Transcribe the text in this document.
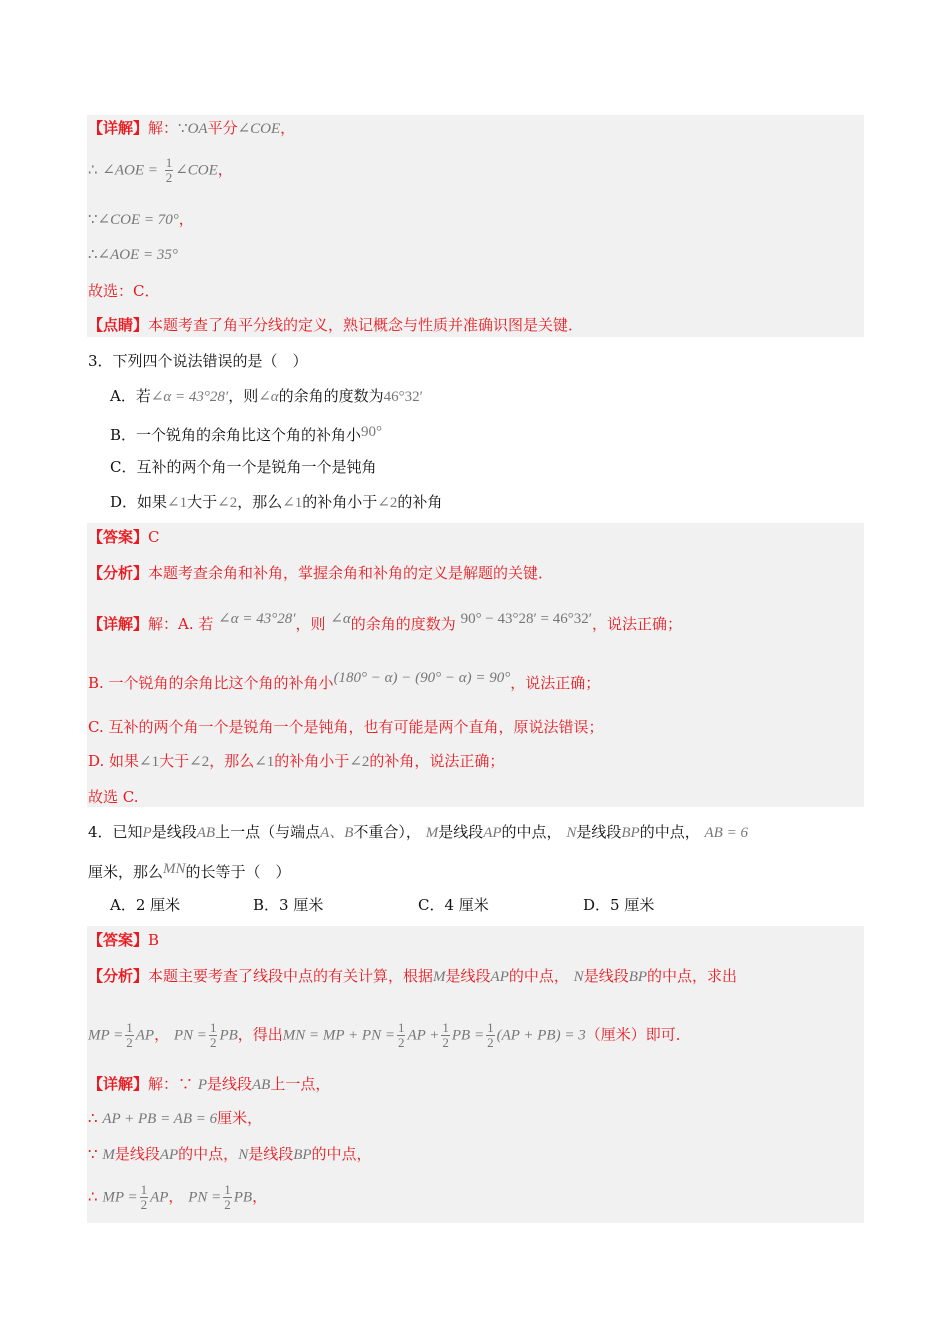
【详解】解：∵OA平分∠COE，
∴ ∠AOE = $\frac{1}{2}$ ∠COE，
∵∠COE = 70°，
∴∠AOE = 35°
故选：C．
【点睛】本题考查了角平分线的定义，熟记概念与性质并准确识图是关键．
3．下列四个说法错误的是（　）
A．若∠α = 43°28′，则∠α的余角的度数为46°32′
B．一个锐角的余角比这个角的补角小90°
C．互补的两个角一个是锐角一个是钝角
D．如果∠1大于∠2，那么∠1的补角小于∠2的补角
【答案】C
【分析】本题考查余角和补角，掌握余角和补角的定义是解题的关键．
【详解】解：A. 若 ∠α = 43°28′，则 ∠α的余角的度数为 90° − 43°28′ = 46°32′，说法正确；
B. 一个锐角的余角比这个角的补角小(180° − α) − (90° − α) = 90°，说法正确；
C. 互补的两个角一个是锐角一个是钝角，也有可能是两个直角，原说法错误；
D. 如果∠1大于∠2，那么∠1的补角小于∠2的补角，说法正确；
故选 C.
4．已知P是线段AB上一点（与端点A、B不重合）， M是线段AP的中点， N是线段BP的中点， AB = 6
厘米，那么MN的长等于（　）
A．2 厘米	B．3 厘米	C．4 厘米	D．5 厘米
【答案】B
【分析】本题主要考查了线段中点的有关计算，根据M是线段AP的中点， N是线段BP的中点，求出
MP = $\frac{1}{2}$ AP， PN = $\frac{1}{2}$ PB，得出MN = MP + PN = $\frac{1}{2}$ AP + $\frac{1}{2}$ PB = $\frac{1}{2} (AP + PB) = 3$（厘米）即可．
【详解】解：∵ P是线段AB上一点，
∴ AP + PB = AB = 6厘米，
∵ M是线段AP的中点，N是线段BP的中点，
∴ MP = $\frac{1}{2}$ AP， PN = $\frac{1}{2}$ PB，
